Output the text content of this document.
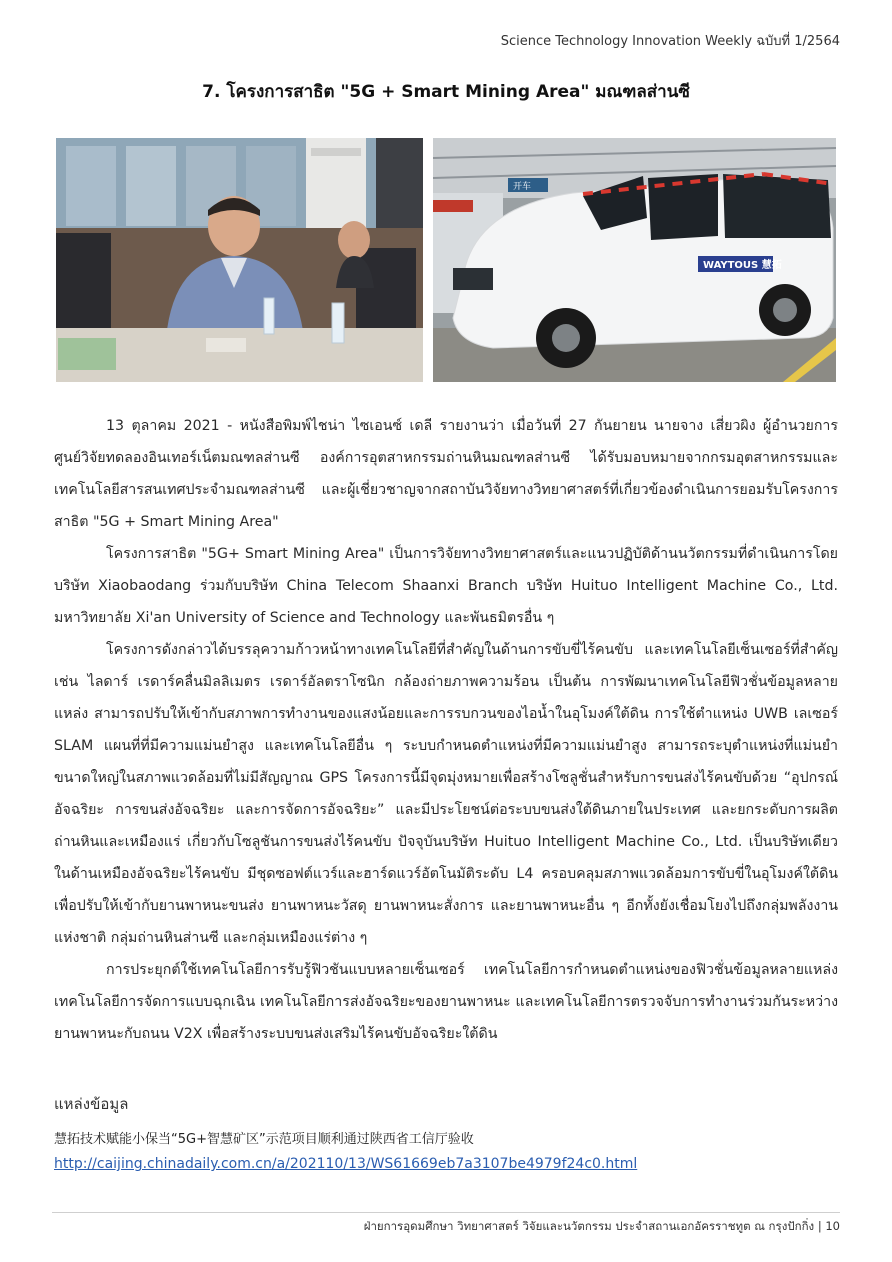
Science Technology Innovation Weekly ฉบับที่ 1/2564
7. โครงการสาธิต "5G + Smart Mining Area" มณฑลส่านซี
WAYTOUS 慧拓
开车

13 ตุลาคม 2021 - หนังสือพิมพ์ไชน่า ไซเอนซ์ เดลี รายงานว่า เมื่อวันที่ 27 กันยายน นายจาง เสี่ยวผิง ผู้อำนวยการศูนย์วิจัยทดลองอินเทอร์เน็ตมณฑลส่านซี องค์การอุตสาหกรรมถ่านหินมณฑลส่านซี ได้รับมอบหมายจากกรมอุตสาหกรรมและเทคโนโลยีสารสนเทศประจำมณฑลส่านซี และผู้เชี่ยวชาญจากสถาบันวิจัยทางวิทยาศาสตร์ที่เกี่ยวข้องดำเนินการยอมรับโครงการสาธิต "5G + Smart Mining Area"

โครงการสาธิต "5G+ Smart Mining Area" เป็นการวิจัยทางวิทยาศาสตร์และแนวปฏิบัติด้านนวัตกรรมที่ดำเนินการโดยบริษัท Xiaobaodang ร่วมกับบริษัท China Telecom Shaanxi Branch บริษัท Huituo Intelligent Machine Co., Ltd. มหาวิทยาลัย Xi'an University of Science and Technology และพันธมิตรอื่น ๆ

โครงการดังกล่าวได้บรรลุความก้าวหน้าทางเทคโนโลยีที่สำคัญในด้านการขับขี่ไร้คนขับ และเทคโนโลยีเซ็นเซอร์ที่สำคัญ เช่น ไลดาร์ เรดาร์คลื่นมิลลิเมตร เรดาร์อัลตราโซนิก กล้องถ่ายภาพความร้อน เป็นต้น การพัฒนาเทคโนโลยีฟิวชั่นข้อมูลหลายแหล่ง สามารถปรับให้เข้ากับสภาพการทำงานของแสงน้อยและการรบกวนของไอน้ำในอุโมงค์ใต้ดิน การใช้ตำแหน่ง UWB เลเซอร์ SLAM แผนที่ที่มีความแม่นยำสูง และเทคโนโลยีอื่น ๆ ระบบกำหนดตำแหน่งที่มีความแม่นยำสูง สามารถระบุตำแหน่งที่แม่นยำขนาดใหญ่ในสภาพแวดล้อมที่ไม่มีสัญญาณ GPS โครงการนี้มีจุดมุ่งหมายเพื่อสร้างโซลูชั่นสำหรับการขนส่งไร้คนขับด้วย “อุปกรณ์อัจฉริยะ การขนส่งอัจฉริยะ และการจัดการอัจฉริยะ” และมีประโยชน์ต่อระบบขนส่งใต้ดินภายในประเทศ และยกระดับการผลิตถ่านหินและเหมืองแร่ เกี่ยวกับโซลูชันการขนส่งไร้คนขับ ปัจจุบันบริษัท Huituo Intelligent Machine Co., Ltd. เป็นบริษัทเดียวในด้านเหมืองอัจฉริยะไร้คนขับ มีชุดซอฟต์แวร์และฮาร์ดแวร์อัตโนมัติระดับ L4 ครอบคลุมสภาพแวดล้อมการขับขี่ในอุโมงค์ใต้ดิน เพื่อปรับให้เข้ากับยานพาหนะขนส่ง ยานพาหนะวัสดุ ยานพาหนะสั่งการ และยานพาหนะอื่น ๆ อีกทั้งยังเชื่อมโยงไปถึงกลุ่มพลังงานแห่งชาติ กลุ่มถ่านหินส่านซี และกลุ่มเหมืองแร่ต่าง ๆ

การประยุกต์ใช้เทคโนโลยีการรับรู้ฟิวชันแบบหลายเซ็นเซอร์ เทคโนโลยีการกำหนดตำแหน่งของฟิวชั่นข้อมูลหลายแหล่ง เทคโนโลยีการจัดการแบบฉุกเฉิน เทคโนโลยีการส่งอัจฉริยะของยานพาหนะ และเทคโนโลยีการตรวจจับการทำงานร่วมกันระหว่างยานพาหนะกับถนน V2X เพื่อสร้างระบบขนส่งเสริมไร้คนขับอัจฉริยะใต้ดิน

แหล่งข้อมูล
慧拓技术赋能小保当“5G+智慧矿区”示范项目顺利通过陕西省工信厅验收
http://caijing.chinadaily.com.cn/a/202110/13/WS61669eb7a3107be4979f24c0.html
ฝ่ายการอุดมศึกษา วิทยาศาสตร์ วิจัยและนวัตกรรม ประจำสถานเอกอัครราชทูต ณ กรุงปักกิ่ง | 10
